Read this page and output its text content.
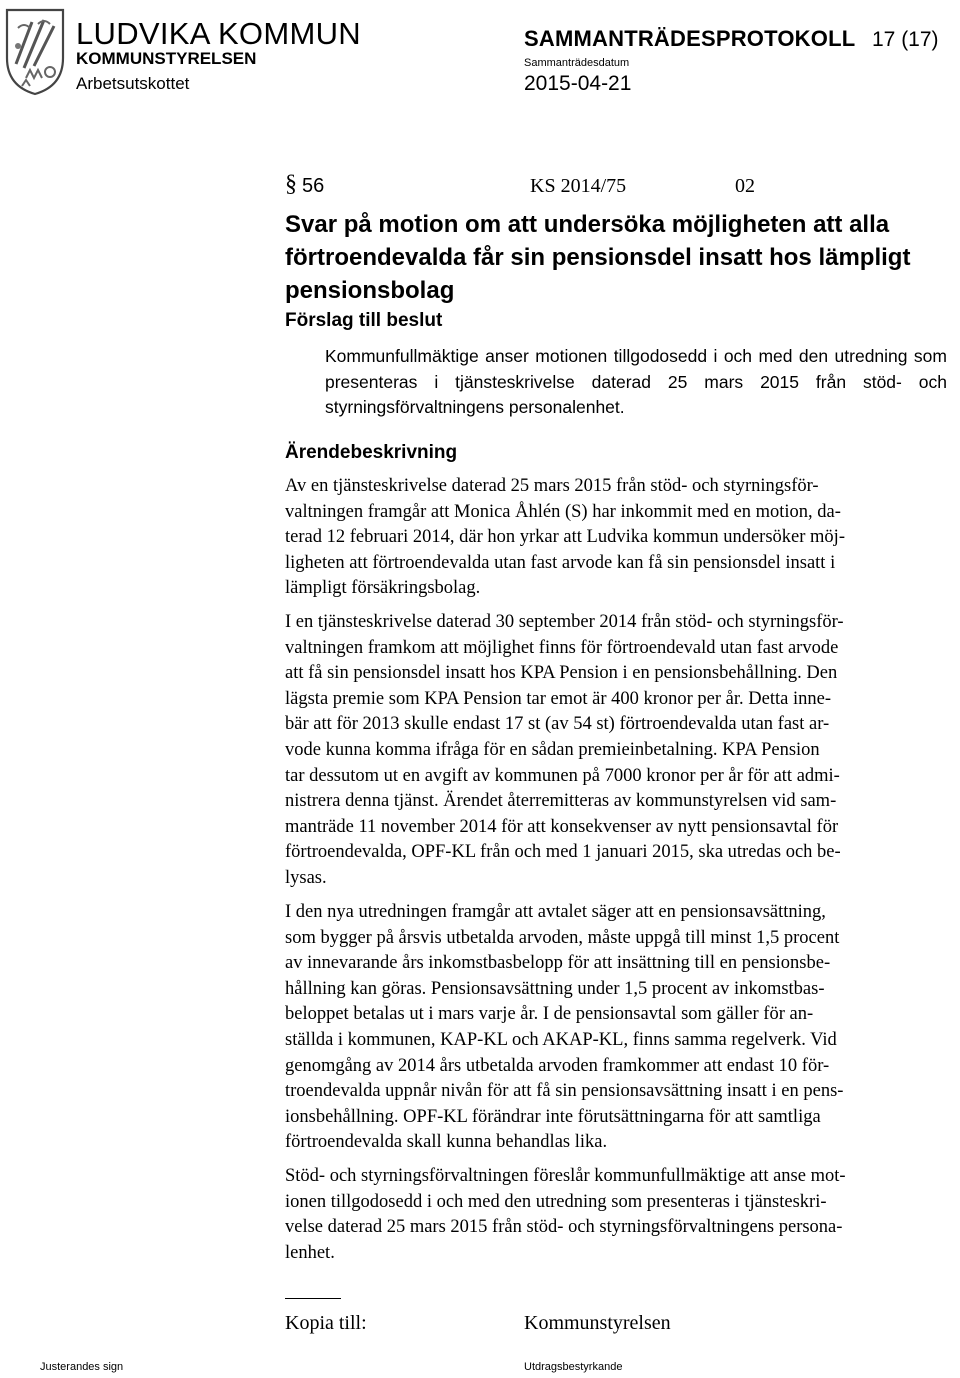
LUDVIKA KOMMUN
KOMMUNSTYRELSEN
Arbetsutskottet
SAMMANTRÄDESPROTOKOLL 17 (17)
Sammanträdesdatum
2015-04-21
§ 56	KS 2014/75	02
Svar på motion om att undersöka möjligheten att alla förtroendevalda får sin pensionsdel insatt hos lämpligt pensionsbolag
Förslag till beslut
Kommunfullmäktige anser motionen tillgodosedd i och med den utredning som presenteras i tjänsteskrivelse daterad 25 mars 2015 från stöd- och styrningsförvaltningens personalenhet.
Ärendebeskrivning
Av en tjänsteskrivelse daterad 25 mars 2015 från stöd- och styrningsför-
valtningen framgår att Monica Åhlén (S) har inkommit med en motion, da-
terad 12 februari 2014, där hon yrkar att Ludvika kommun undersöker möj-
ligheten att förtroendevalda utan fast arvode kan få sin pensionsdel insatt i
lämpligt försäkringsbolag.
I en tjänsteskrivelse daterad 30 september 2014 från stöd- och styrningsför-
valtningen framkom att möjlighet finns för förtroendevald utan fast arvode
att få sin pensionsdel insatt hos KPA Pension i en pensionsbehållning. Den
lägsta premie som KPA Pension tar emot är 400 kronor per år. Detta inne-
bär att för 2013 skulle endast 17 st (av 54 st) förtroendevalda utan fast ar-
vode kunna komma ifråga för en sådan premieinbetalning. KPA Pension
tar dessutom ut en avgift av kommunen på 7000 kronor per år för att admi-
nistrera denna tjänst. Ärendet återremitteras av kommunstyrelsen vid sam-
manträde 11 november 2014 för att konsekvenser av nytt pensionsavtal för
förtroendevalda, OPF-KL från och med 1 januari 2015, ska utredas och be-
lysas.
I den nya utredningen framgår att avtalet säger att en pensionsavsättning,
som bygger på årsvis utbetalda arvoden, måste uppgå till minst 1,5 procent
av innevarande års inkomstbasbelopp för att insättning till en pensionsbe-
hållning kan göras. Pensionsavsättning under 1,5 procent av inkomstbas-
beloppet betalas ut i mars varje år. I de pensionsavtal som gäller för an-
ställda i kommunen, KAP-KL och AKAP-KL, finns samma regelverk. Vid
genomgång av 2014 års utbetalda arvoden framkommer att endast 10 för-
troendevalda uppnår nivån för att få sin pensionsavsättning insatt i en pens-
ionsbehållning. OPF-KL förändrar inte förutsättningarna för att samtliga
förtroendevalda skall kunna behandlas lika.
Stöd- och styrningsförvaltningen föreslår kommunfullmäktige att anse mot-
ionen tillgodosedd i och med den utredning som presenteras i tjänsteskri-
velse daterad 25 mars 2015 från stöd- och styrningsförvaltningens persona-
lenhet.
Kopia till:	Kommunstyrelsen
Justerandes sign	Utdragsbestyrkande
